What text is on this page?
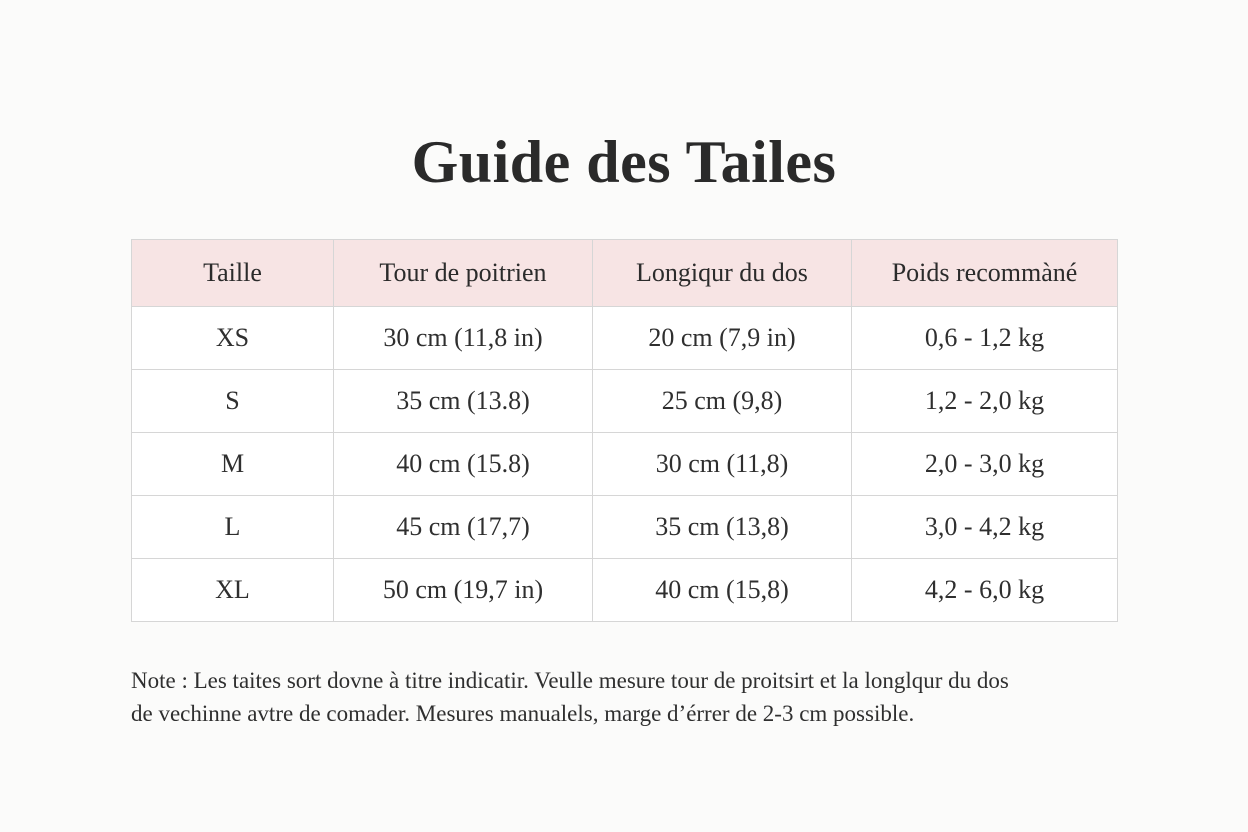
Guide des Tailes
Taille	Tour de poitrien	Longiqur du dos	Poids recommàné
XS	30 cm (11,8 in)	20 cm (7,9 in)	0,6 - 1,2 kg
S	35 cm (13.8)	25 cm (9,8)	1,2 - 2,0 kg
M	40 cm (15.8)	30 cm (11,8)	2,0 - 3,0 kg
L	45 cm (17,7)	35 cm (13,8)	3,0 - 4,2 kg
XL	50 cm (19,7 in)	40 cm (15,8)	4,2 - 6,0 kg
Note : Les taites sort dovne à titre indicatir. Veulle mesure tour de proitsirt et la longlqur du dos
de vechinne avtre de comader. Mesures manualels, marge d’érrer de 2-3 cm possible.
